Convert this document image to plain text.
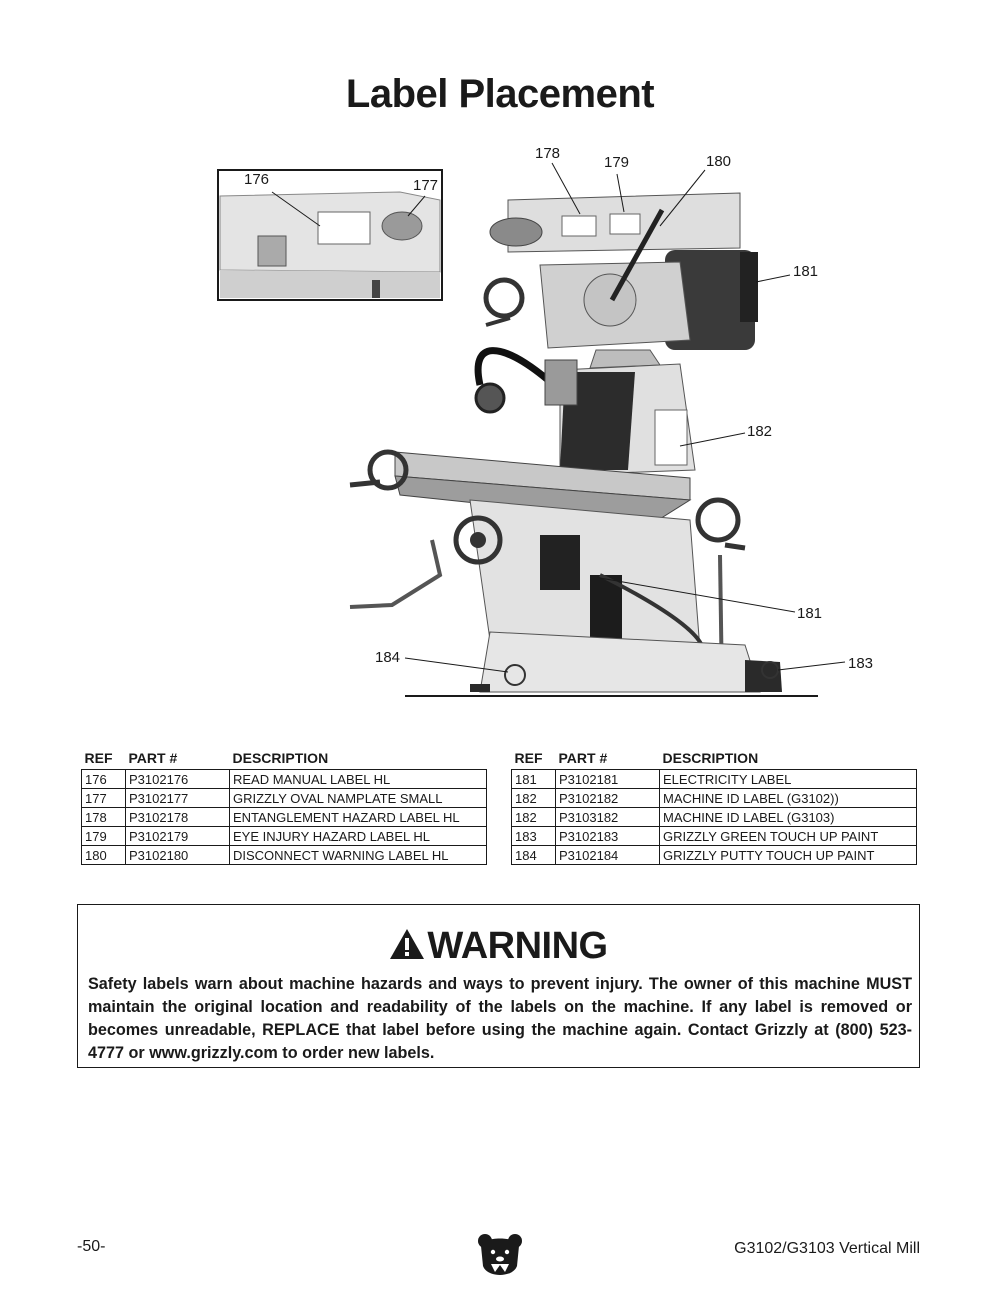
Label Placement
176	177
178
179	180
181
182
181
184	183
REF	PART #	DESCRIPTION
176	P3102176	READ MANUAL LABEL HL
177	P3102177	GRIZZLY OVAL NAMPLATE SMALL
178	P3102178	ENTANGLEMENT HAZARD LABEL HL
179	P3102179	EYE INJURY HAZARD LABEL HL
180	P3102180	DISCONNECT WARNING LABEL HL
REF	PART #	DESCRIPTION
181	P3102181	ELECTRICITY LABEL
182	P3102182	MACHINE ID LABEL (G3102))
182	P3103182	MACHINE ID LABEL (G3103)
183	P3102183	GRIZZLY GREEN TOUCH UP PAINT
184	P3102184	GRIZZLY PUTTY TOUCH UP PAINT
WARNING
Safety labels warn about machine hazards and ways to prevent injury. The owner of this machine MUST maintain the original location and readability of the labels on the machine. If any label is removed or becomes unreadable, REPLACE that label before using the machine again. Contact Grizzly at (800) 523-4777 or www.grizzly.com to order new labels.
-50-	G3102/G3103 Vertical Mill
